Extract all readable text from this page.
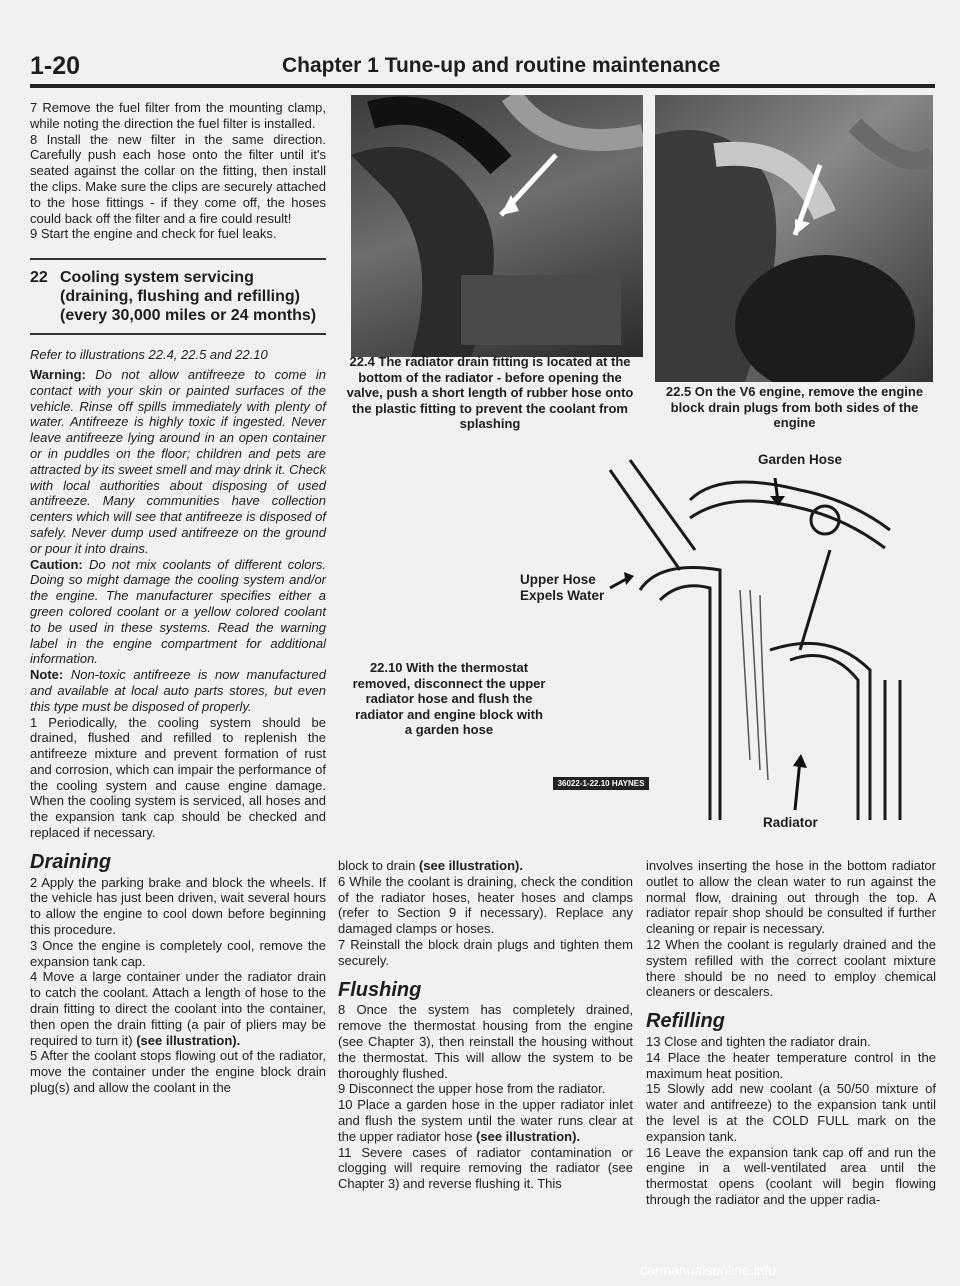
1-20	Chapter 1 Tune-up and routine maintenance

7 Remove the fuel filter from the mounting clamp, while noting the direction the fuel filter is installed.

8 Install the new filter in the same direction. Carefully push each hose onto the filter until it's seated against the collar on the fitting, then install the clips. Make sure the clips are securely attached to the hose fittings - if they come off, the hoses could back off the filter and a fire could result!

9 Start the engine and check for fuel leaks.

22 Cooling system servicing
(draining, flushing and refilling)
(every 30,000 miles or 24 months)

Refer to illustrations 22.4, 22.5 and 22.10

Warning: Do not allow antifreeze to come in contact with your skin or painted surfaces of the vehicle. Rinse off spills immediately with plenty of water. Antifreeze is highly toxic if ingested. Never leave antifreeze lying around in an open container or in puddles on the floor; children and pets are attracted by its sweet smell and may drink it. Check with local authorities about disposing of used antifreeze. Many communities have collection centers which will see that antifreeze is disposed of safely. Never dump used antifreeze on the ground or pour it into drains.

Caution: Do not mix coolants of different colors. Doing so might damage the cooling system and/or the engine. The manufacturer specifies either a green colored coolant or a yellow colored coolant to be used in these systems. Read the warning label in the engine compartment for additional information.

Note: Non-toxic antifreeze is now manufactured and available at local auto parts stores, but even this type must be disposed of properly.

1 Periodically, the cooling system should be drained, flushed and refilled to replenish the antifreeze mixture and prevent formation of rust and corrosion, which can impair the performance of the cooling system and cause engine damage. When the cooling system is serviced, all hoses and the expansion tank cap should be checked and replaced if necessary.

Draining

2 Apply the parking brake and block the wheels. If the vehicle has just been driven, wait several hours to allow the engine to cool down before beginning this procedure.

3 Once the engine is completely cool, remove the expansion tank cap.

4 Move a large container under the radiator drain to catch the coolant. Attach a length of hose to the drain fitting to direct the coolant into the container, then open the drain fitting (a pair of pliers may be required to turn it) (see illustration).

5 After the coolant stops flowing out of the radiator, move the container under the engine block drain plug(s) and allow the coolant in the

22.4 The radiator drain fitting is located at the bottom of the radiator - before opening the valve, push a short length of rubber hose onto the plastic fitting to prevent the coolant from splashing
22.5 On the V6 engine, remove the engine block drain plugs from both sides of the engine
Garden Hose
Upper Hose
Expels Water
Radiator
36022-1-22.10 HAYNES
22.10 With the thermostat removed, disconnect the upper radiator hose and flush the radiator and engine block with a garden hose

block to drain (see illustration).

6 While the coolant is draining, check the condition of the radiator hoses, heater hoses and clamps (refer to Section 9 if necessary). Replace any damaged clamps or hoses.

7 Reinstall the block drain plugs and tighten them securely.

Flushing

8 Once the system has completely drained, remove the thermostat housing from the engine (see Chapter 3), then reinstall the housing without the thermostat. This will allow the system to be thoroughly flushed.

9 Disconnect the upper hose from the radiator.

10 Place a garden hose in the upper radiator inlet and flush the system until the water runs clear at the upper radiator hose (see illustration).

11 Severe cases of radiator contamination or clogging will require removing the radiator (see Chapter 3) and reverse flushing it. This

involves inserting the hose in the bottom radiator outlet to allow the clean water to run against the normal flow, draining out through the top. A radiator repair shop should be consulted if further cleaning or repair is necessary.

12 When the coolant is regularly drained and the system refilled with the correct coolant mixture there should be no need to employ chemical cleaners or descalers.

Refilling

13 Close and tighten the radiator drain.

14 Place the heater temperature control in the maximum heat position.

15 Slowly add new coolant (a 50/50 mixture of water and antifreeze) to the expansion tank until the level is at the COLD FULL mark on the expansion tank.

16 Leave the expansion tank cap off and run the engine in a well-ventilated area until the thermostat opens (coolant will begin flowing through the radiator and the upper radia-

carmanualsonline.info
